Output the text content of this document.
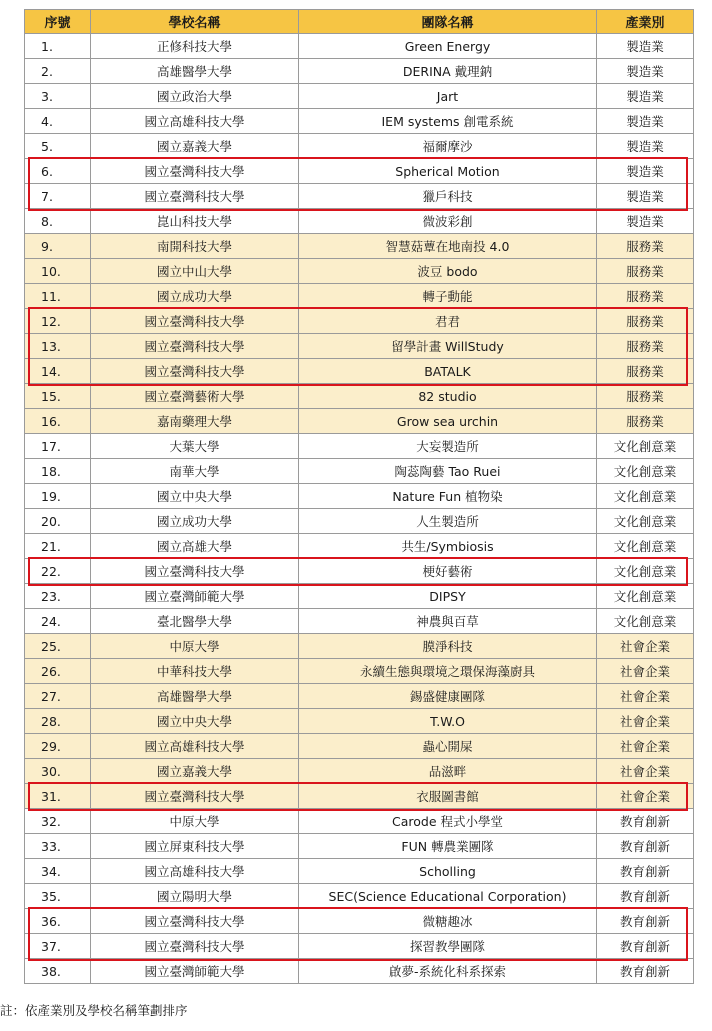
序號	學校名稱	團隊名稱	產業別
1.	正修科技大學	Green Energy	製造業
2.	高雄醫學大學	DERINA 戴理鈉	製造業
3.	國立政治大學	Jart	製造業
4.	國立高雄科技大學	IEM systems 創電系統	製造業
5.	國立嘉義大學	福爾摩沙	製造業
6.	國立臺灣科技大學	Spherical Motion	製造業
7.	國立臺灣科技大學	獵戶科技	製造業
8.	崑山科技大學	微波彩創	製造業
9.	南開科技大學	智慧菇蕈在地南投 4.0	服務業
10.	國立中山大學	波豆 bodo	服務業
11.	國立成功大學	轉子動能	服務業
12.	國立臺灣科技大學	君君	服務業
13.	國立臺灣科技大學	留學計畫 WillStudy	服務業
14.	國立臺灣科技大學	BATALK	服務業
15.	國立臺灣藝術大學	82 studio	服務業
16.	嘉南藥理大學	Grow sea urchin	服務業
17.	大葉大學	大妄製造所	文化創意業
18.	南華大學	陶蕊陶藝 Tao Ruei	文化創意業
19.	國立中央大學	Nature Fun 植物染	文化創意業
20.	國立成功大學	人生製造所	文化創意業
21.	國立高雄大學	共生/Symbiosis	文化創意業
22.	國立臺灣科技大學	梗好藝術	文化創意業
23.	國立臺灣師範大學	DIPSY	文化創意業
24.	臺北醫學大學	神農與百草	文化創意業
25.	中原大學	膜淨科技	社會企業
26.	中華科技大學	永續生態與環境之環保海藻廚具	社會企業
27.	高雄醫學大學	錫盛健康團隊	社會企業
28.	國立中央大學	T.W.O	社會企業
29.	國立高雄科技大學	蟲心開屎	社會企業
30.	國立嘉義大學	品滋畔	社會企業
31.	國立臺灣科技大學	衣服圖書館	社會企業
32.	中原大學	Carode 程式小學堂	教育創新
33.	國立屏東科技大學	FUN 轉農業團隊	教育創新
34.	國立高雄科技大學	Scholling	教育創新
35.	國立陽明大學	SEC(Science Educational Corporation)	教育創新
36.	國立臺灣科技大學	微糖趣冰	教育創新
37.	國立臺灣科技大學	探習教學團隊	教育創新
38.	國立臺灣師範大學	啟夢-系統化科系探索	教育創新
註：依產業別及學校名稱筆劃排序
